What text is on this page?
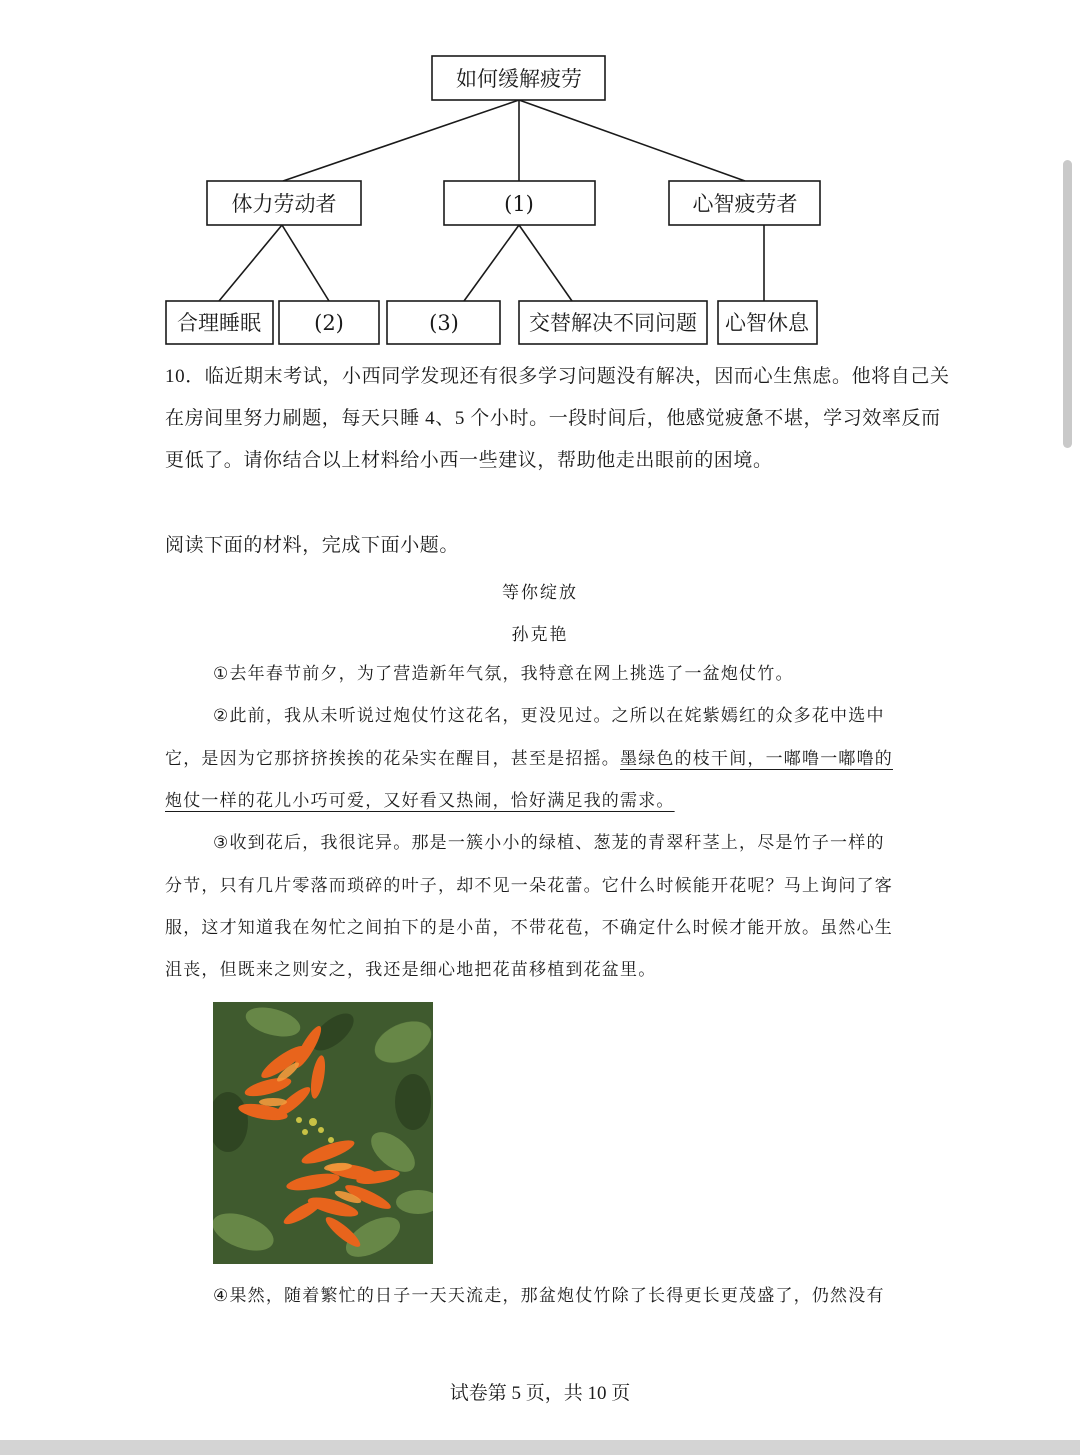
如何缓解疲劳
体力劳动者	(1)	心智疲劳者
合理睡眠	(2)	(3)	交替解决不同问题 心智休息
10．临近期末考试，小西同学发现还有很多学习问题没有解决，因而心生焦虑。他将自己关
在房间里努力刷题，每天只睡 4、5 个小时。一段时间后，他感觉疲惫不堪，学习效率反而
更低了。请你结合以上材料给小西一些建议，帮助他走出眼前的困境。
阅读下面的材料，完成下面小题。
等你绽放
孙克艳
①去年春节前夕，为了营造新年气氛，我特意在网上挑选了一盆炮仗竹。
②此前，我从未听说过炮仗竹这花名，更没见过。之所以在姹紫嫣红的众多花中选中
它，是因为它那挤挤挨挨的花朵实在醒目，甚至是招摇。墨绿色的枝干间，一嘟噜一嘟噜的
炮仗一样的花儿小巧可爱，又好看又热闹，恰好满足我的需求。
③收到花后，我很诧异。那是一簇小小的绿植、葱茏的青翠秆茎上，尽是竹子一样的
分节，只有几片零落而琐碎的叶子，却不见一朵花蕾。它什么时候能开花呢？马上询问了客
服，这才知道我在匆忙之间拍下的是小苗，不带花苞，不确定什么时候才能开放。虽然心生
沮丧，但既来之则安之，我还是细心地把花苗移植到花盆里。
④果然，随着繁忙的日子一天天流走，那盆炮仗竹除了长得更长更茂盛了，仍然没有
试卷第 5 页，共 10 页
